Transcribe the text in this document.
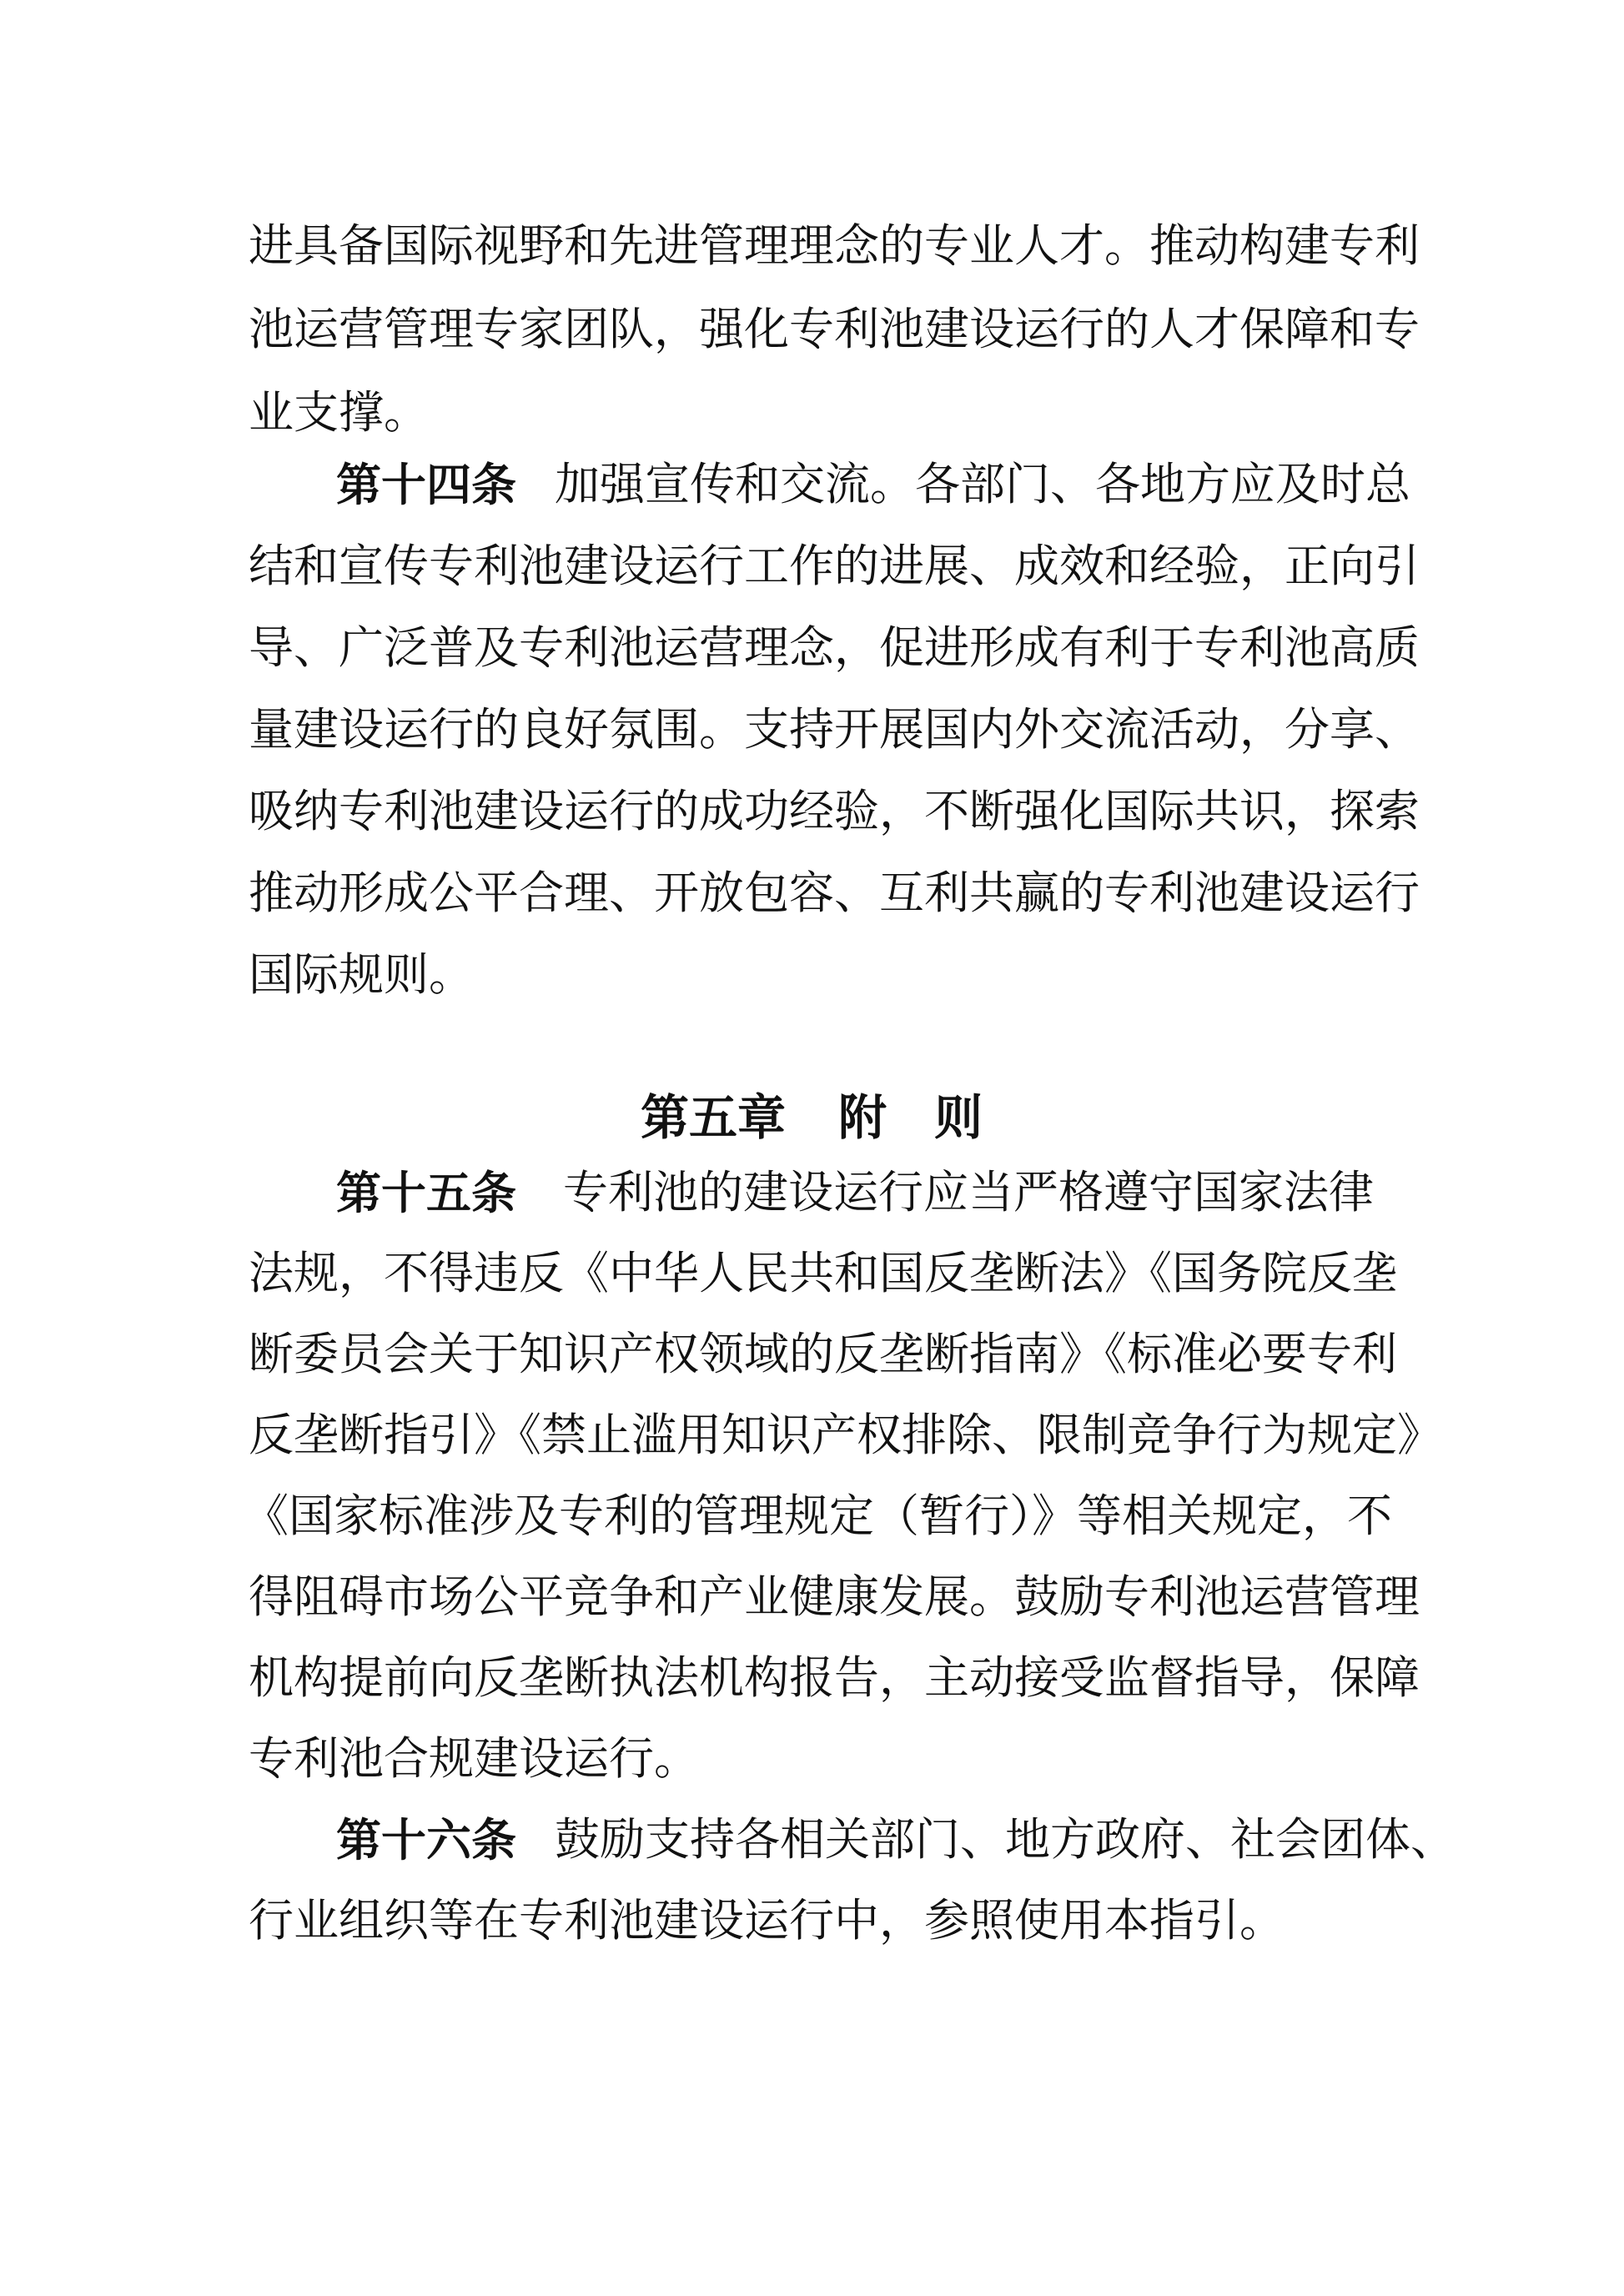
进具备国际视野和先进管理理念的专业人才。推动构建专利
池运营管理专家团队，强化专利池建设运行的人才保障和专
业支撑。
第十四条 加强宣传和交流。各部门、各地方应及时总
结和宣传专利池建设运行工作的进展、成效和经验，正向引
导、广泛普及专利池运营理念，促进形成有利于专利池高质
量建设运行的良好氛围。支持开展国内外交流活动，分享、
吸纳专利池建设运行的成功经验，不断强化国际共识，探索
推动形成公平合理、开放包容、互利共赢的专利池建设运行
国际规则。
第五章 附 则
第十五条 专利池的建设运行应当严格遵守国家法律
法规，不得违反《中华人民共和国反垄断法》《国务院反垄
断委员会关于知识产权领域的反垄断指南》《标准必要专利
反垄断指引》《禁止滥用知识产权排除、限制竞争行为规定》
《国家标准涉及专利的管理规定（暂行）》等相关规定，不
得阻碍市场公平竞争和产业健康发展。鼓励专利池运营管理
机构提前向反垄断执法机构报告，主动接受监督指导，保障
专利池合规建设运行。
第十六条 鼓励支持各相关部门、地方政府、社会团体、
行业组织等在专利池建设运行中，参照使用本指引。
